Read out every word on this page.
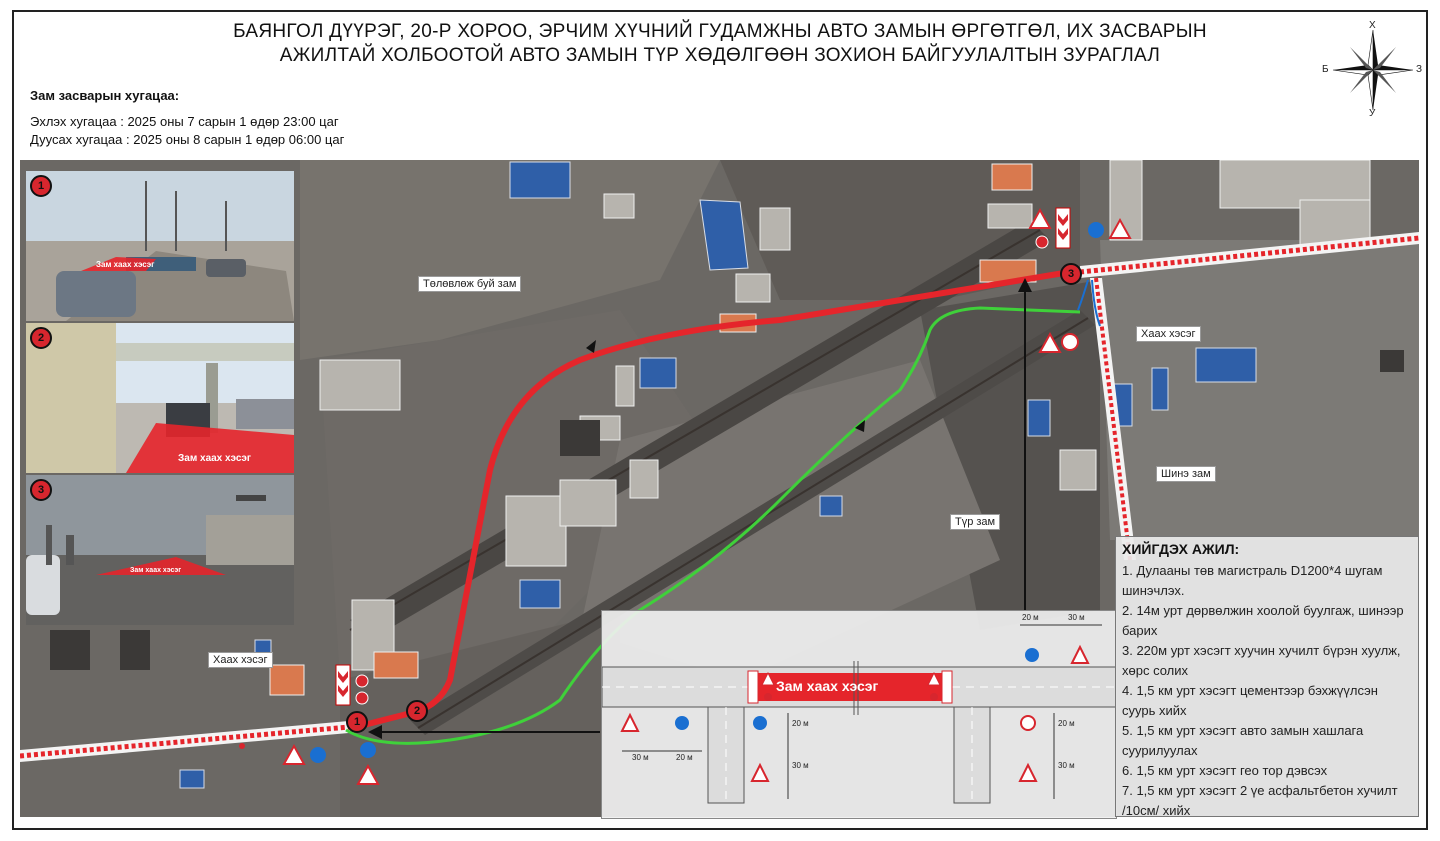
БАЯНГОЛ ДҮҮРЭГ, 20-Р ХОРОО, ЭРЧИМ ХҮЧНИЙ ГУДАМЖНЫ АВТО ЗАМЫН ӨРГӨТГӨЛ, ИХ ЗАСВАРЫН
АЖИЛТАЙ ХОЛБООТОЙ АВТО ЗАМЫН ТҮР ХӨДӨЛГӨӨН ЗОХИОН БАЙГУУЛАЛТЫН ЗУРАГЛАЛ
Х
У
Б	З
Зам засварын хугацаа:
Эхлэх хугацаа : 2025 оны 7 сарын 1 өдөр 23:00 цаг
Дуусах хугацаа : 2025 оны 8 сарын 1 өдөр 06:00 цаг
3
2
1
Төлөвлөж буй зам
Хаах хэсэг
Шинэ зам
Түр зам
Хаах хэсэг
Зам хаах хэсэг
1
Зам хаах хэсэг
2
Зам хаах хэсэг
3
Зам хаах хэсэг
20 м	30 м
30 м	20 м
20 м
30 м
20 м
30 м
ХИЙГДЭХ АЖИЛ:
1. Дулааны төв магистраль D1200*4 шугам шинэчлэх.
2. 14м урт дөрвөлжин хоолой буулгаж, шинээр барих
3. 220м урт хэсэгт хуучин хучилт бүрэн хуулж, хөрс солих
4. 1,5 км урт хэсэгт цементээр бэхжүүлсэн суурь хийх
5. 1,5 км урт хэсэгт авто замын хашлага суурилуулах
6. 1,5 км урт хэсэгт гео тор дэвсэх
7. 1,5 км урт хэсэгт 2 үе асфальтбетон хучилт /10см/ хийх
